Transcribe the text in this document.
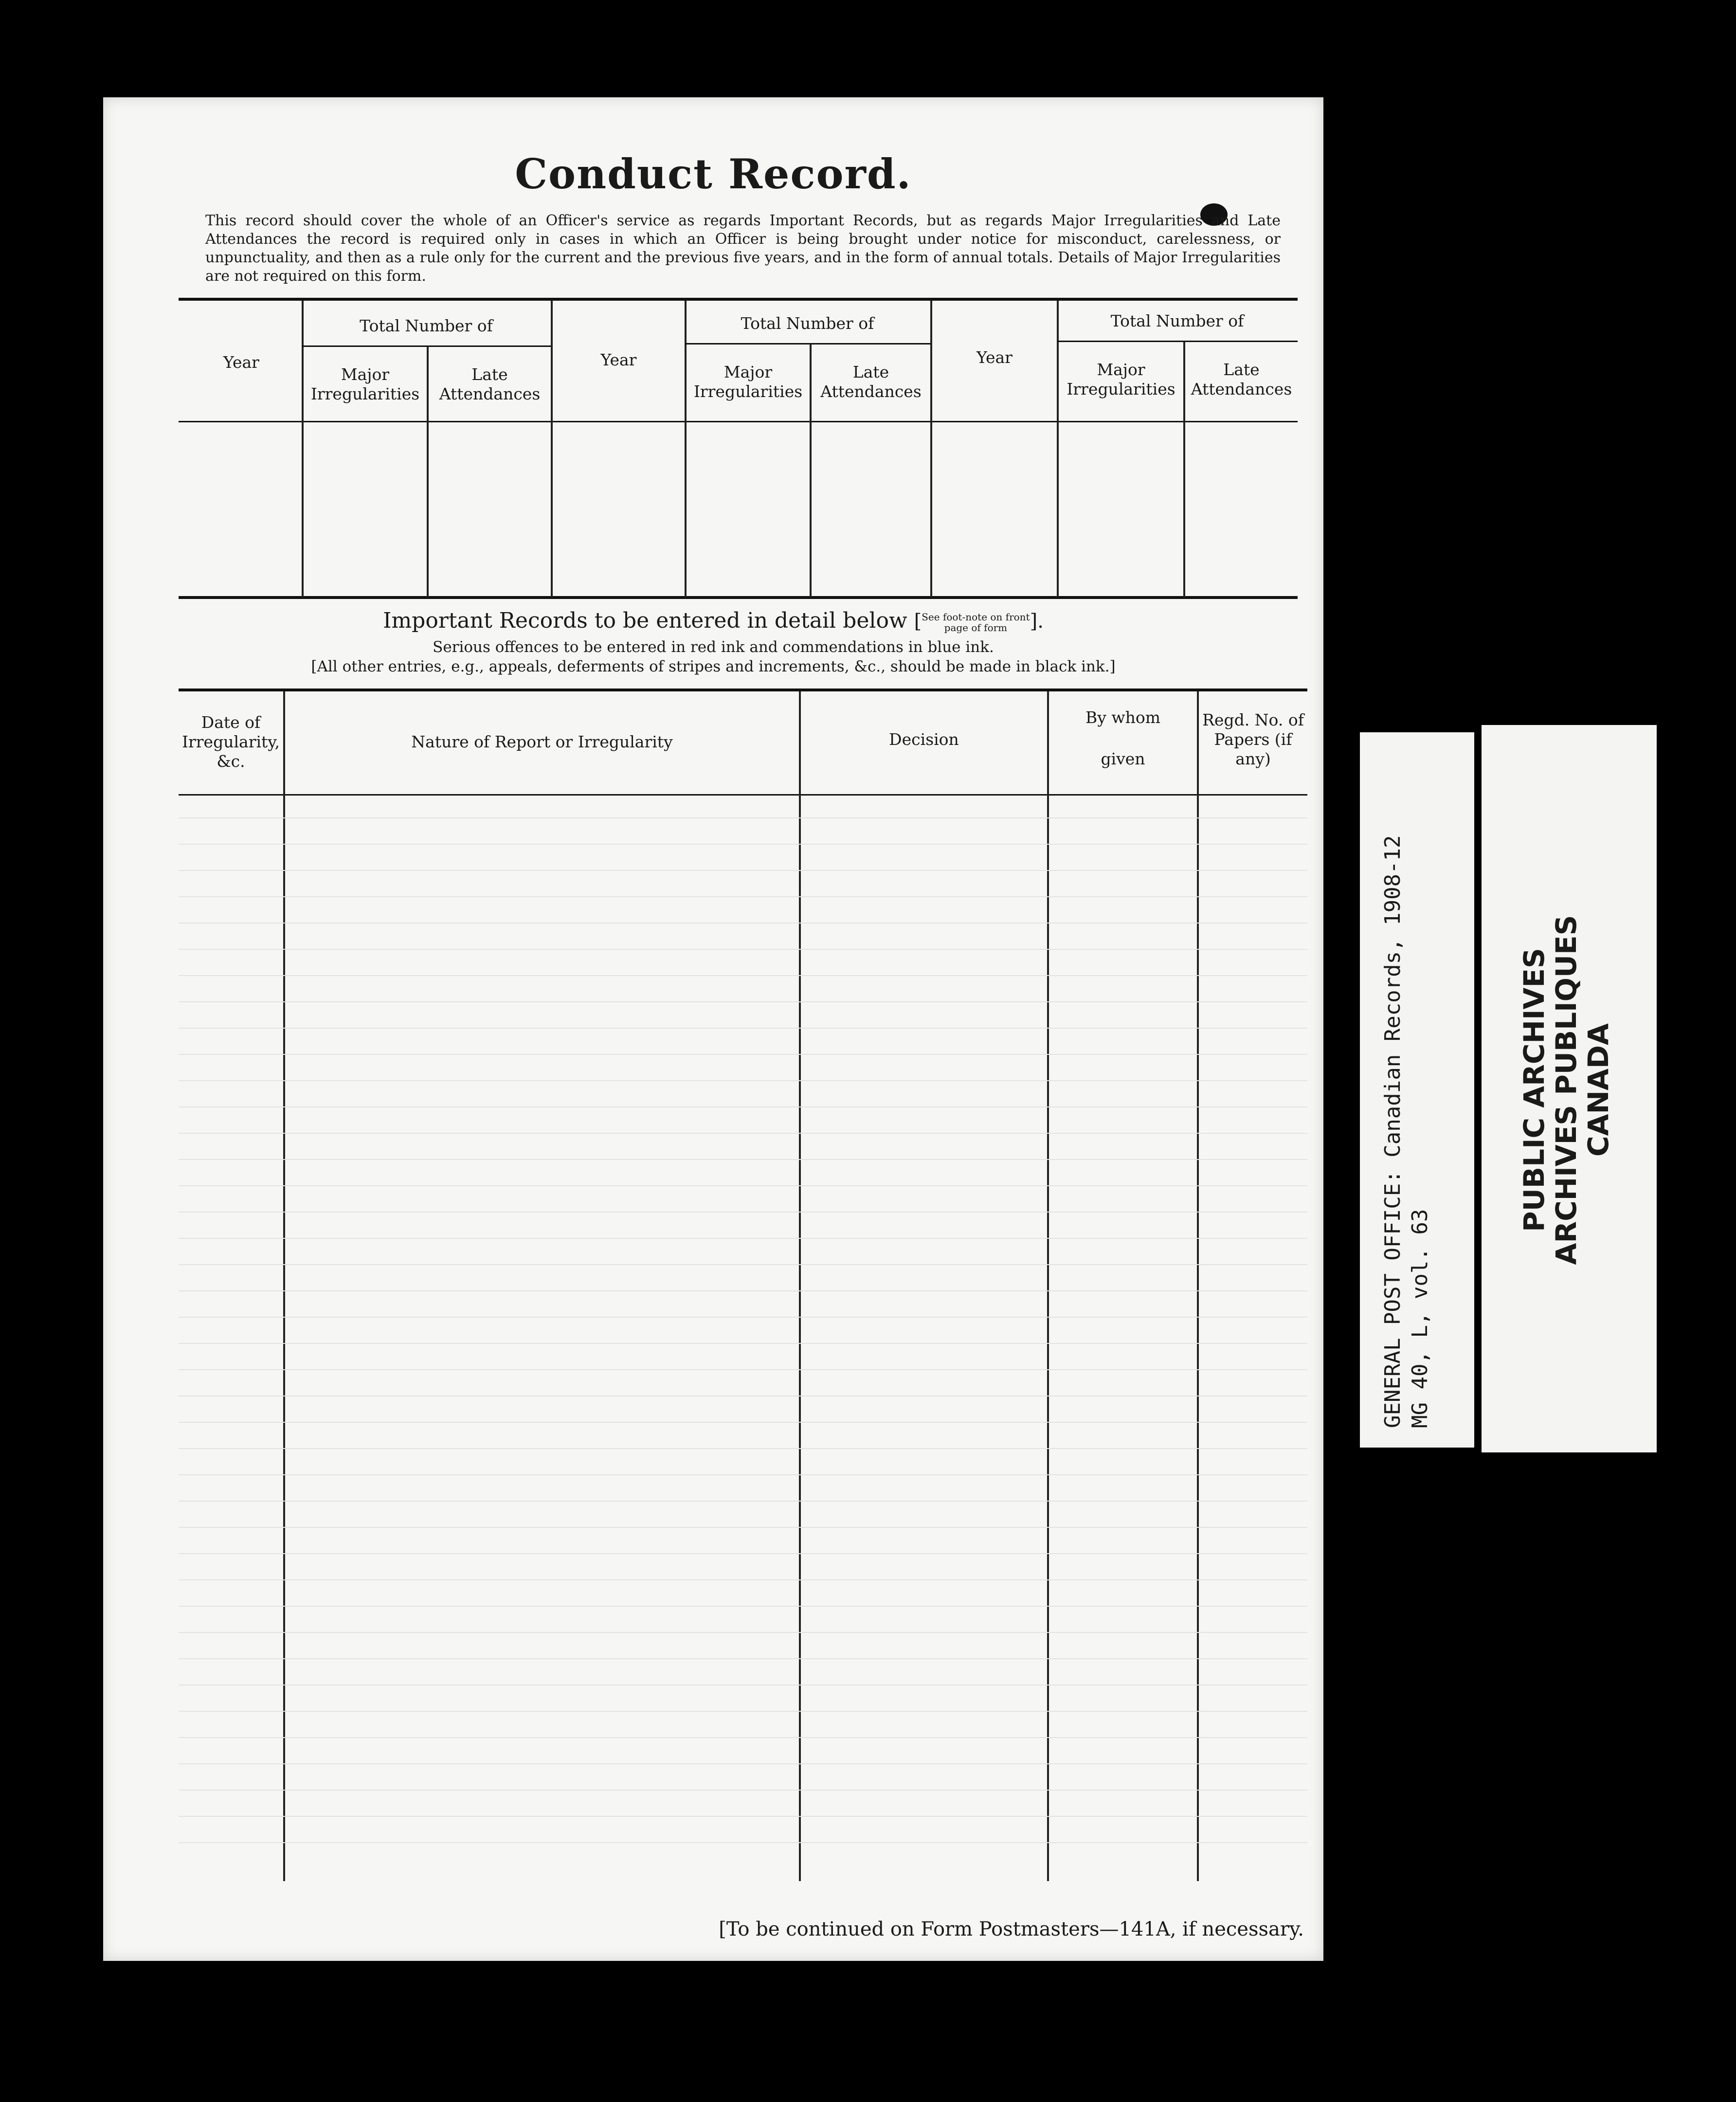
Conduct Record.
This record should cover the whole of an Officer's service as regards Important Records, but as regards Major Irregularities and Late Attendances the record is required only in cases in which an Officer is being brought under notice for misconduct, carelessness, or unpunctuality, and then as a rule only for the current and the previous five years, and in the form of annual totals. Details of Major Irregularities are not required on this form.
Year
Total Number of
Major Irregularities
Late Attendances
Year
Total Number of
Major Irregularities
Late Attendances
Year
Total Number of
Major Irregularities
Late Attendances
Important Records to be entered in detail below [See foot-note on front
page of form ].
Serious offences to be entered in red ink and commendations in blue ink.
[All other entries, e.g., appeals, deferments of stripes and increments, &c., should be made in black ink.]
Date of Irregularity, &c.
Nature of Report or Irregularity	Decision
By whom
given
Regd. No. of Papers (if any)
[To be continued on Form Postmasters—141A, if necessary.
GENERAL POST OFFICE: Canadian Records, 1908-12 MG 40, L, vol. 63
PUBLIC ARCHIVES
ARCHIVES PUBLIQUES
CANADA
